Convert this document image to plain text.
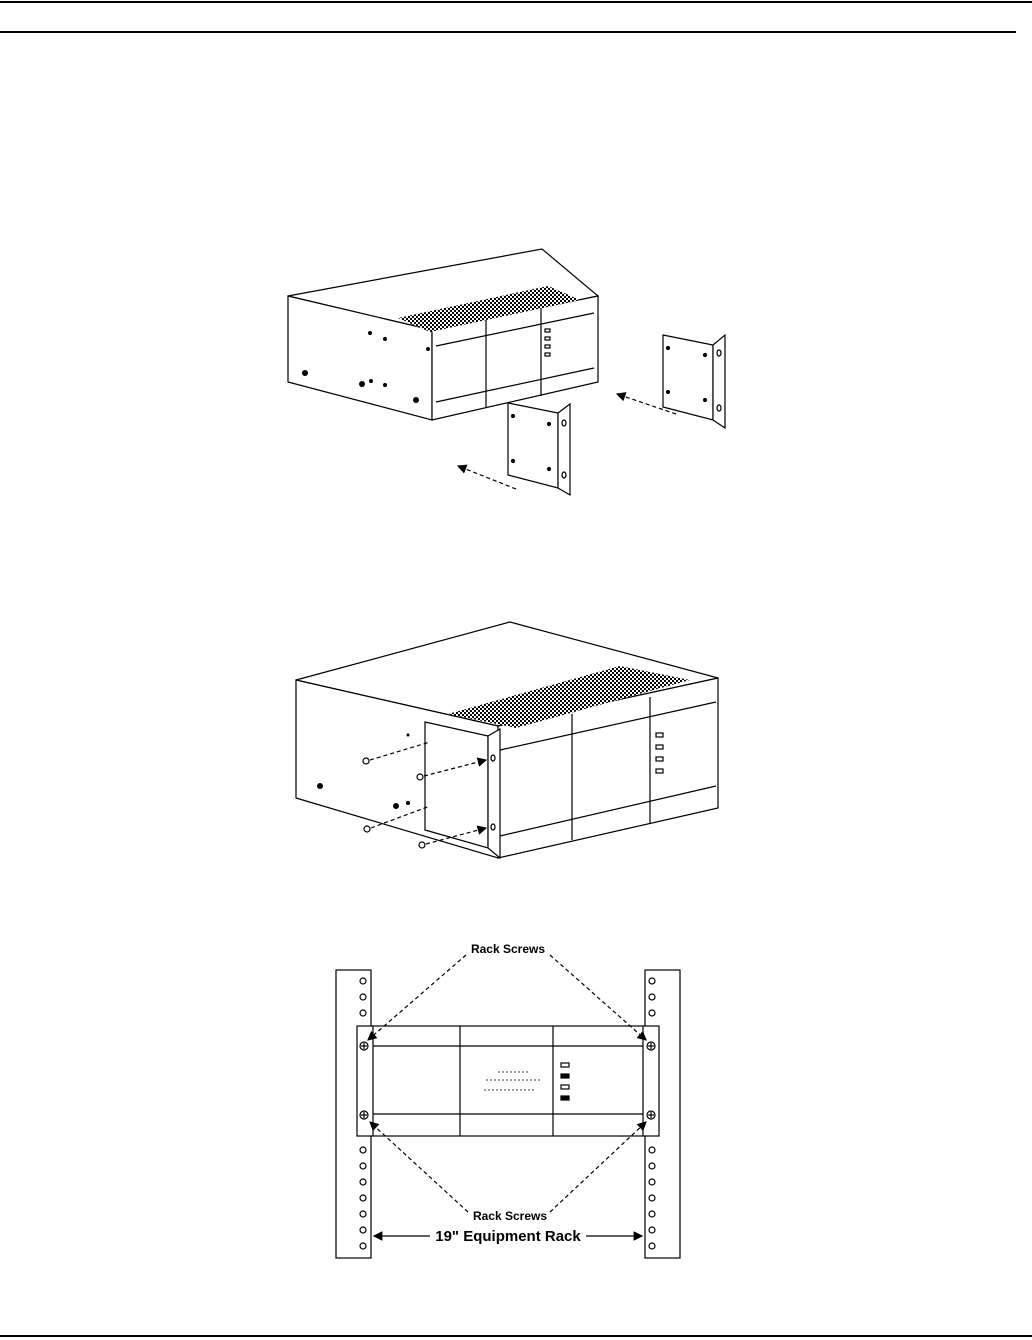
Rack Screws
Rack Screws
19" Equipment Rack
